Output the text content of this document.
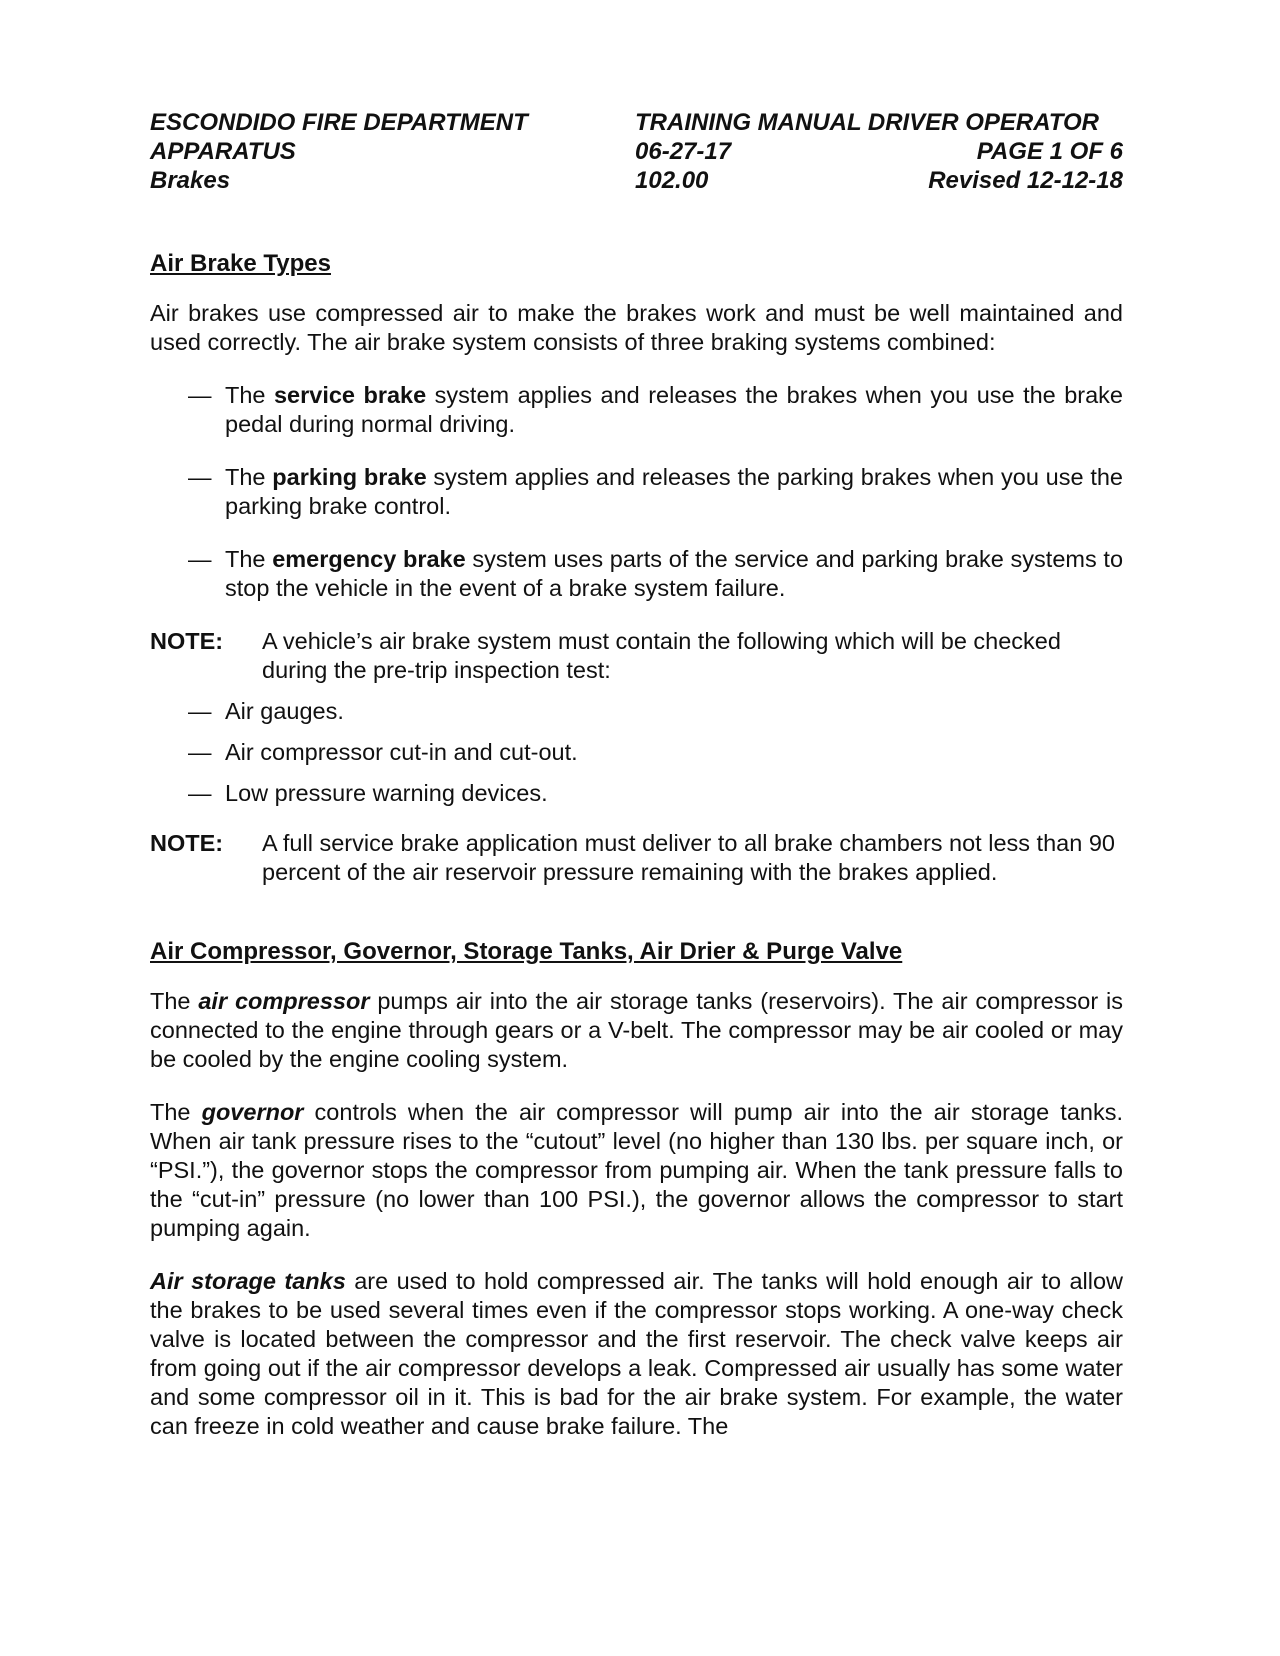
ESCONDIDO FIRE DEPARTMENT	TRAINING MANUAL DRIVER OPERATOR
APPARATUS	06-27-17	PAGE 1 OF 6
Brakes	102.00	Revised 12-12-18
Air Brake Types

Air brakes use compressed air to make the brakes work and must be well maintained and used correctly. The air brake system consists of three braking systems combined:

— The service brake system applies and releases the brakes when you use the brake pedal during normal driving.
— The parking brake system applies and releases the parking brakes when you use the parking brake control.
— The emergency brake system uses parts of the service and parking brake systems to stop the vehicle in the event of a brake system failure.
NOTE: A vehicle’s air brake system must contain the following which will be checked during the pre-trip inspection test:
— Air gauges.
— Air compressor cut-in and cut-out.
— Low pressure warning devices.
NOTE: A full service brake application must deliver to all brake chambers not less than 90 percent of the air reservoir pressure remaining with the brakes applied.
Air Compressor, Governor, Storage Tanks, Air Drier & Purge Valve

The air compressor pumps air into the air storage tanks (reservoirs). The air compressor is connected to the engine through gears or a V-belt. The compressor may be air cooled or may be cooled by the engine cooling system.

The governor controls when the air compressor will pump air into the air storage tanks. When air tank pressure rises to the “cutout” level (no higher than 130 lbs. per square inch, or “PSI.”), the governor stops the compressor from pumping air. When the tank pressure falls to the “cut-in” pressure (no lower than 100 PSI.), the governor allows the compressor to start pumping again.

Air storage tanks are used to hold compressed air. The tanks will hold enough air to allow the brakes to be used several times even if the compressor stops working. A one-way check valve is located between the compressor and the first reservoir. The check valve keeps air from going out if the air compressor develops a leak. Compressed air usually has some water and some compressor oil in it. This is bad for the air brake system. For example, the water can freeze in cold weather and cause brake failure. The
